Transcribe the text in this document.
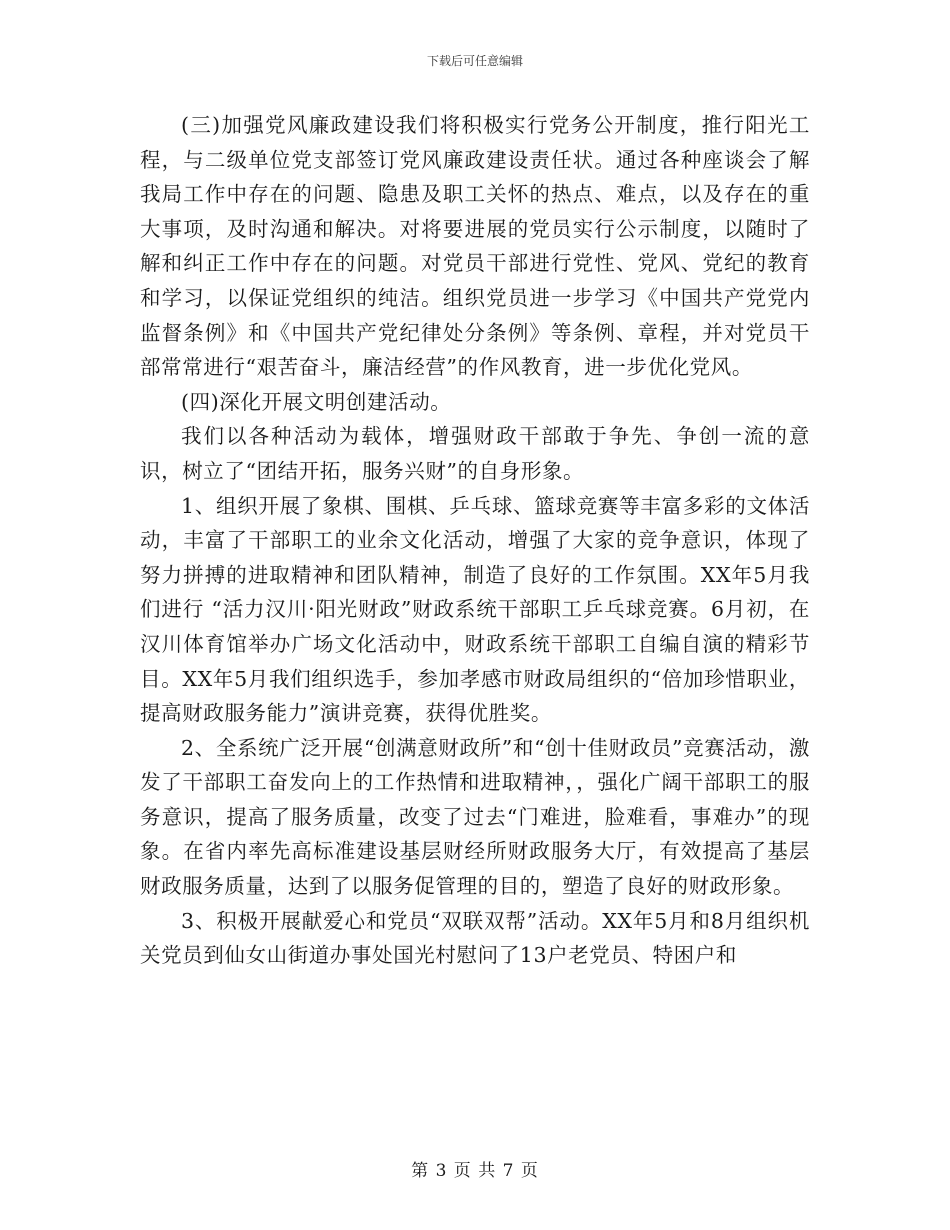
下载后可任意编辑

(三)加强党风廉政建设我们将积极实行党务公开制度，推行阳光工程，与二级单位党支部签订党风廉政建设责任状。通过各种座谈会了解我局工作中存在的问题、隐患及职工关怀的热点、难点，以及存在的重大事项，及时沟通和解决。对将要进展的党员实行公示制度，以随时了解和纠正工作中存在的问题。对党员干部进行党性、党风、党纪的教育和学习，以保证党组织的纯洁。组织党员进一步学习《中国共产党党内监督条例》和《中国共产党纪律处分条例》等条例、章程，并对党员干部常常进行“艰苦奋斗，廉洁经营”的作风教育，进一步优化党风。

(四)深化开展文明创建活动。

我们以各种活动为载体，增强财政干部敢于争先、争创一流的意识，树立了“团结开拓，服务兴财”的自身形象。

1、组织开展了象棋、围棋、乒乓球、篮球竞赛等丰富多彩的文体活动，丰富了干部职工的业余文化活动，增强了大家的竞争意识，体现了努力拼搏的进取精神和团队精神，制造了良好的工作氛围。XX年5月我们进行 “活力汉川·阳光财政”财政系统干部职工乒乓球竞赛。6月初，在汉川体育馆举办广场文化活动中，财政系统干部职工自编自演的精彩节目。XX年5月我们组织选手，参加孝感市财政局组织的“倍加珍惜职业，提高财政服务能力”演讲竞赛，获得优胜奖。

2、全系统广泛开展“创满意财政所”和“创十佳财政员”竞赛活动，激发了干部职工奋发向上的工作热情和进取精神，，强化广阔干部职工的服务意识，提高了服务质量，改变了过去“门难进，脸难看，事难办”的现象。在省内率先高标准建设基层财经所财政服务大厅，有效提高了基层财政服务质量，达到了以服务促管理的目的，塑造了良好的财政形象。

3、积极开展献爱心和党员“双联双帮”活动。XX年5月和8月组织机关党员到仙女山街道办事处国光村慰问了13户老党员、特困户和

第 3 页 共 7 页
